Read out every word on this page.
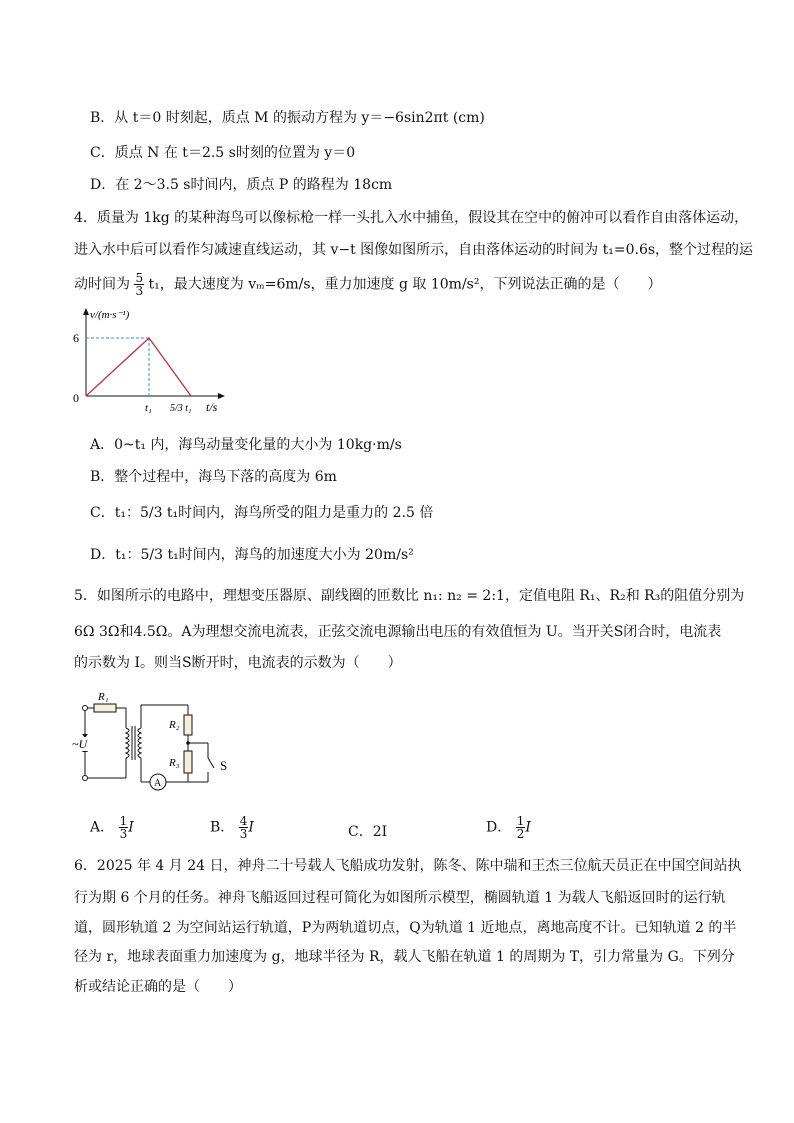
B．从 t＝0 时刻起，质点 M 的振动方程为 y＝−6sin2πt (cm)
C．质点 N 在 t＝2.5 s时刻的位置为 y＝0
D．在 2～3.5 s时间内，质点 P 的路程为 18cm
4．质量为 1kg 的某种海鸟可以像标枪一样一头扎入水中捕鱼，假设其在空中的俯冲可以看作自由落体运动，
进入水中后可以看作匀减速直线运动，其 v−t 图像如图所示，自由落体运动的时间为 t₁=0.6s，整个过程的运
动时间为 $\frac{5}{3} t_1$，最大速度为 vₘ=6m/s，重力加速度 g 取 10m/s²，下列说法正确的是（　　）
v/(m·s⁻¹)
6
0
t₁ 5/3 t₁ t/s
A．0~t₁ 内，海鸟动量变化量的大小为 10kg·m/s
B．整个过程中，海鸟下落的高度为 6m
C．t₁：5/3 t₁时间内，海鸟所受的阻力是重力的 2.5 倍
D．t₁：5/3 t₁时间内，海鸟的加速度大小为 20m/s²
5．如图所示的电路中，理想变压器原、副线圈的匝数比 n₁: n₂ = 2:1，定值电阻 R₁、R₂和 R₃的阻值分别为
6Ω 3Ω和4.5Ω。A为理想交流电流表，正弦交流电源输出电压的有效值恒为 U。当开关S闭合时，电流表
的示数为 I。则当S断开时，电流表的示数为（　　）
~U
R₁
R₂
R₃
A
S
A． $\frac{1}{3}$ I	B． $\frac{4}{3}$ I	C．2I	D． $\frac{1}{2}$ I
6．2025 年 4 月 24 日，神舟二十号载人飞船成功发射，陈冬、陈中瑞和王杰三位航天员正在中国空间站执
行为期 6 个月的任务。神舟飞船返回过程可简化为如图所示模型，椭圆轨道 1 为载人飞船返回时的运行轨
道，圆形轨道 2 为空间站运行轨道，P为两轨道切点，Q为轨道 1 近地点，离地高度不计。已知轨道 2 的半
径为 r，地球表面重力加速度为 g，地球半径为 R，载人飞船在轨道 1 的周期为 T，引力常量为 G。下列分
析或结论正确的是（　　）
